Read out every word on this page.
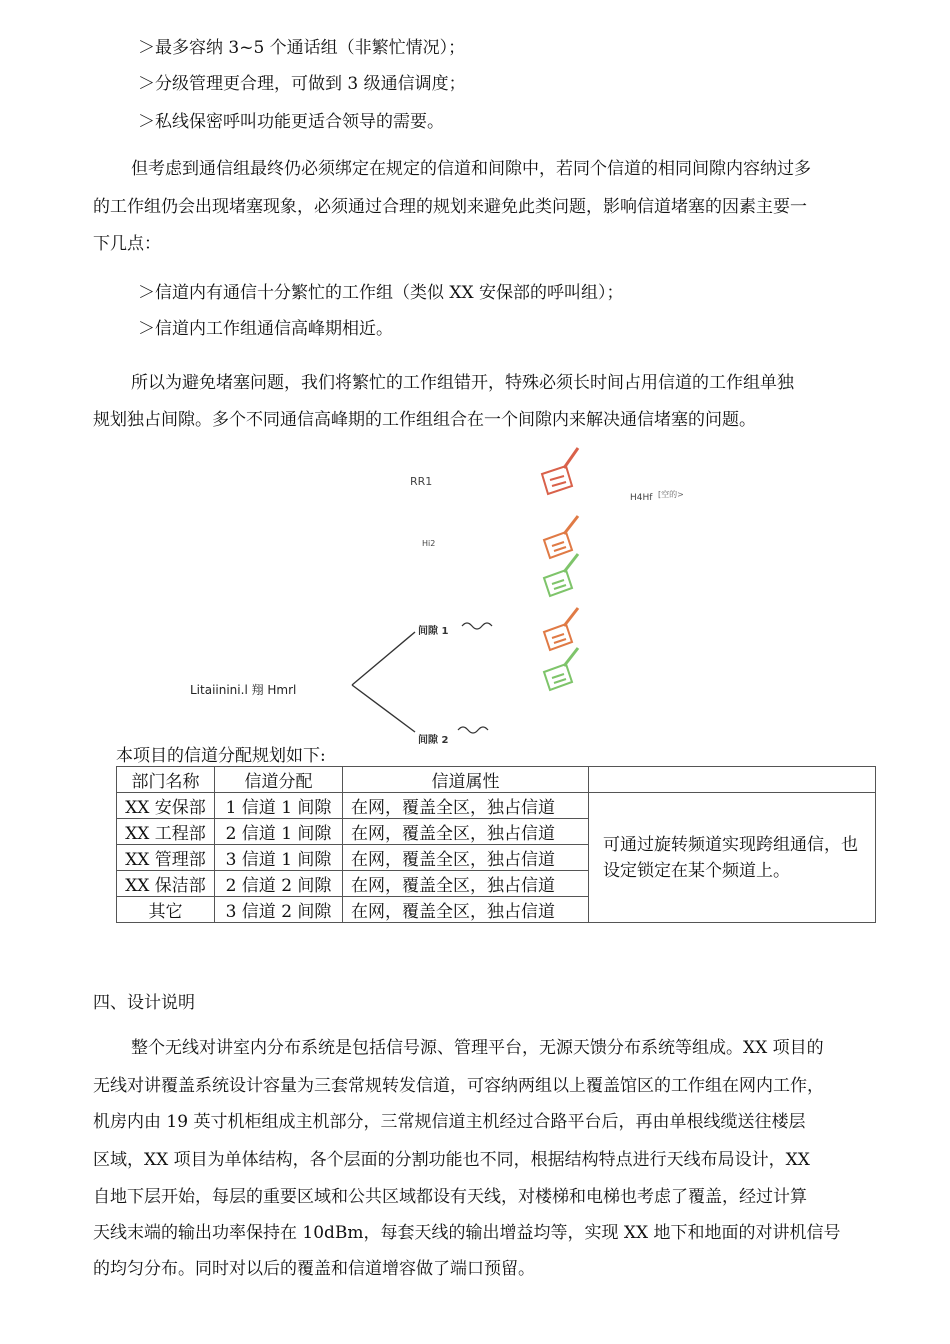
＞最多容纳 3~5 个通话组（非繁忙情况）；
＞分级管理更合理，可做到 3 级通信调度；
＞私线保密呼叫功能更适合领导的需要。
但考虑到通信组最终仍必须绑定在规定的信道和间隙中，若同个信道的相同间隙内容纳过多
的工作组仍会出现堵塞现象，必须通过合理的规划来避免此类问题，影响信道堵塞的因素主要一
下几点：
＞信道内有通信十分繁忙的工作组（类似 XX 安保部的呼叫组）；
＞信道内工作组通信高峰期相近。
所以为避免堵塞问题，我们将繁忙的工作组错开，特殊必须长时间占用信道的工作组单独
规划独占间隙。多个不同通信高峰期的工作组组合在一个间隙内来解决通信堵塞的问题。
RR1
H4Hf [空的>
Hi2
间隙 1
间隙 2
Litaiinini.l 翔 Hmrl
本项目的信道分配规划如下:
部门名称	信道分配	信道属性	
XX 安保部	1 信道 1 间隙	在网，覆盖全区，独占信道	可通过旋转频道实现跨组通信，也设定锁定在某个频道上。
XX 工程部	2 信道 1 间隙	在网，覆盖全区，独占信道	
XX 管理部	3 信道 1 间隙	在网，覆盖全区，独占信道	
XX 保洁部	2 信道 2 间隙	在网，覆盖全区，独占信道	
其它	3 信道 2 间隙	在网，覆盖全区，独占信道	
四、设计说明
整个无线对讲室内分布系统是包括信号源、管理平台，无源天馈分布系统等组成。XX 项目的
无线对讲覆盖系统设计容量为三套常规转发信道，可容纳两组以上覆盖馆区的工作组在网内工作，
机房内由 19 英寸机柜组成主机部分，三常规信道主机经过合路平台后，再由单根线缆送往楼层
区域，XX 项目为单体结构，各个层面的分割功能也不同，根据结构特点进行天线布局设计，XX
自地下层开始，每层的重要区域和公共区域都设有天线，对楼梯和电梯也考虑了覆盖，经过计算
天线末端的输出功率保持在 10dBm，每套天线的输出增益均等，实现 XX 地下和地面的对讲机信号
的均匀分布。同时对以后的覆盖和信道增容做了端口预留。
